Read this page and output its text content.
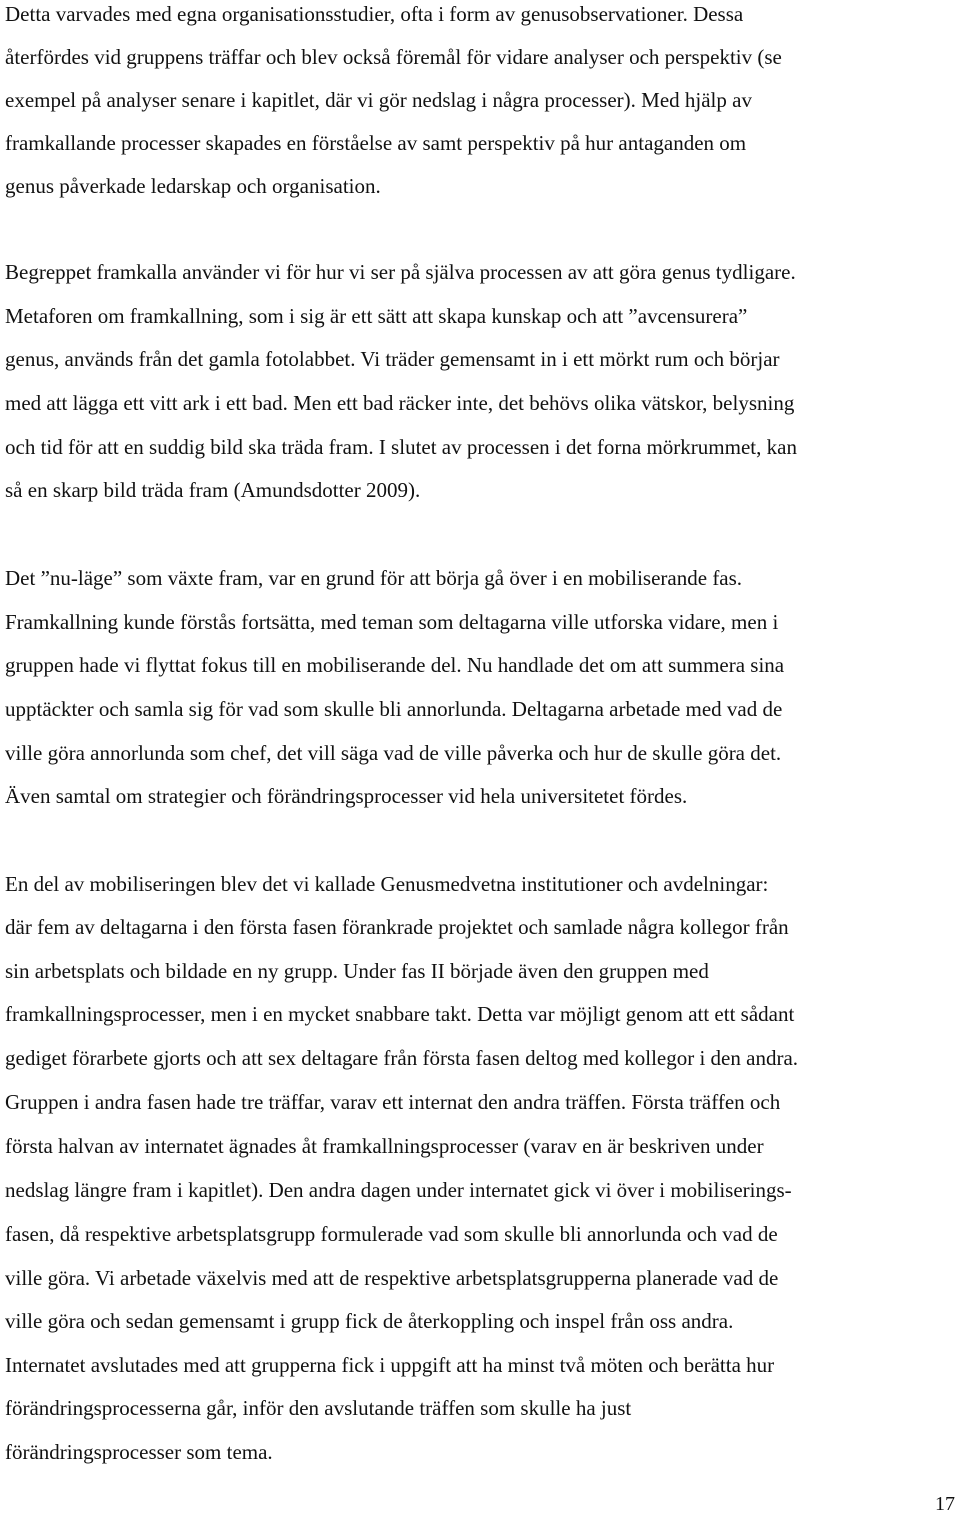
Detta varvades med egna organisationsstudier, ofta i form av genusobservationer. Dessa
återfördes vid gruppens träffar och blev också föremål för vidare analyser och perspektiv (se
exempel på analyser senare i kapitlet, där vi gör nedslag i några processer). Med hjälp av
framkallande processer skapades en förståelse av samt perspektiv på hur antaganden om
genus påverkade ledarskap och organisation.
Begreppet framkalla använder vi för hur vi ser på själva processen av att göra genus tydligare.
Metaforen om framkallning, som i sig är ett sätt att skapa kunskap och att ”avcensurera”
genus, används från det gamla fotolabbet. Vi träder gemensamt in i ett mörkt rum och börjar
med att lägga ett vitt ark i ett bad. Men ett bad räcker inte, det behövs olika vätskor, belysning
och tid för att en suddig bild ska träda fram. I slutet av processen i det forna mörkrummet, kan
så en skarp bild träda fram (Amundsdotter 2009).
Det ”nu-läge” som växte fram, var en grund för att börja gå över i en mobiliserande fas.
Framkallning kunde förstås fortsätta, med teman som deltagarna ville utforska vidare, men i
gruppen hade vi flyttat fokus till en mobiliserande del. Nu handlade det om att summera sina
upptäckter och samla sig för vad som skulle bli annorlunda. Deltagarna arbetade med vad de
ville göra annorlunda som chef, det vill säga vad de ville påverka och hur de skulle göra det.
Även samtal om strategier och förändringsprocesser vid hela universitetet fördes.
En del av mobiliseringen blev det vi kallade Genusmedvetna institutioner och avdelningar:
där fem av deltagarna i den första fasen förankrade projektet och samlade några kollegor från
sin arbetsplats och bildade en ny grupp. Under fas II började även den gruppen med
framkallningsprocesser, men i en mycket snabbare takt. Detta var möjligt genom att ett sådant
gediget förarbete gjorts och att sex deltagare från första fasen deltog med kollegor i den andra.
Gruppen i andra fasen hade tre träffar, varav ett internat den andra träffen. Första träffen och
första halvan av internatet ägnades åt framkallningsprocesser (varav en är beskriven under
nedslag längre fram i kapitlet). Den andra dagen under internatet gick vi över i mobiliserings-
fasen, då respektive arbetsplatsgrupp formulerade vad som skulle bli annorlunda och vad de
ville göra. Vi arbetade växelvis med att de respektive arbetsplatsgrupperna planerade vad de
ville göra och sedan gemensamt i grupp fick de återkoppling och inspel från oss andra.
Internatet avslutades med att grupperna fick i uppgift att ha minst två möten och berätta hur
förändringsprocesserna går, inför den avslutande träffen som skulle ha just
förändringsprocesser som tema.
17
